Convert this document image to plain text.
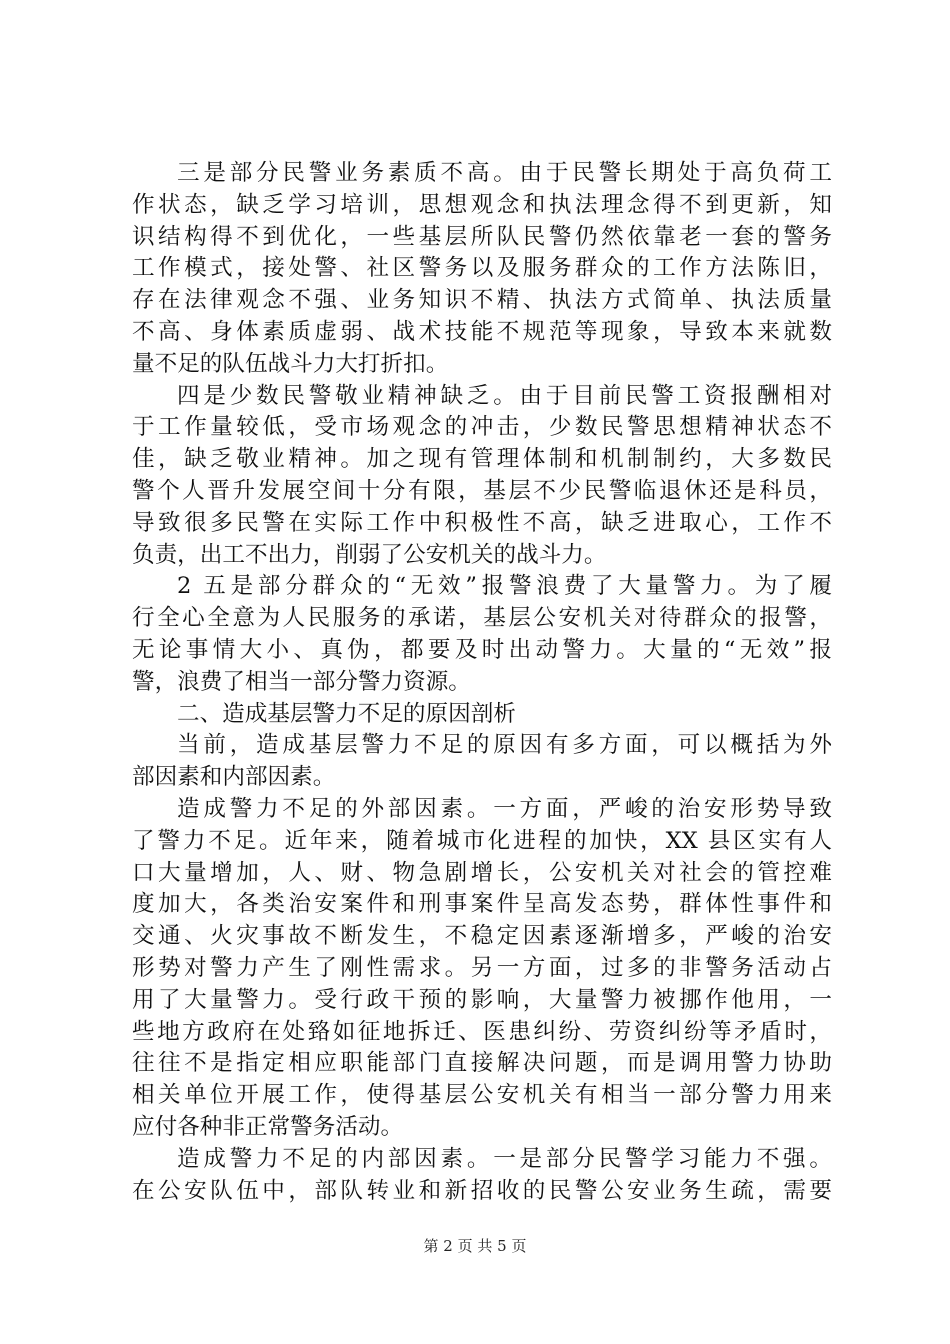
三是部分民警业务素质不高。由于民警长期处于高负荷工
作状态，缺乏学习培训，思想观念和执法理念得不到更新，知
识结构得不到优化，一些基层所队民警仍然依靠老一套的警务
工作模式，接处警、社区警务以及服务群众的工作方法陈旧，
存在法律观念不强、业务知识不精、执法方式简单、执法质量
不高、身体素质虚弱、战术技能不规范等现象，导致本来就数
量不足的队伍战斗力大打折扣。
四是少数民警敬业精神缺乏。由于目前民警工资报酬相对
于工作量较低，受市场观念的冲击，少数民警思想精神状态不
佳，缺乏敬业精神。加之现有管理体制和机制制约，大多数民
警个人晋升发展空间十分有限，基层不少民警临退休还是科员，
导致很多民警在实际工作中积极性不高，缺乏进取心，工作不
负责，出工不出力，削弱了公安机关的战斗力。
2 五是部分群众的“无效”报警浪费了大量警力。为了履
行全心全意为人民服务的承诺，基层公安机关对待群众的报警，
无论事情大小、真伪，都要及时出动警力。大量的“无效”报
警，浪费了相当一部分警力资源。
二、造成基层警力不足的原因剖析
当前，造成基层警力不足的原因有多方面，可以概括为外
部因素和内部因素。
造成警力不足的外部因素。一方面，严峻的治安形势导致
了警力不足。近年来，随着城市化进程的加快，XX 县区实有人
口大量增加，人、财、物急剧增长，公安机关对社会的管控难
度加大，各类治安案件和刑事案件呈高发态势，群体性事件和
交通、火灾事故不断发生，不稳定因素逐渐增多，严峻的治安
形势对警力产生了刚性需求。另一方面，过多的非警务活动占
用了大量警力。受行政干预的影响，大量警力被挪作他用，一
些地方政府在处臵如征地拆迁、医患纠纷、劳资纠纷等矛盾时，
往往不是指定相应职能部门直接解决问题，而是调用警力协助
相关单位开展工作，使得基层公安机关有相当一部分警力用来
应付各种非正常警务活动。
造成警力不足的内部因素。一是部分民警学习能力不强。
在公安队伍中，部队转业和新招收的民警公安业务生疏，需要
第 2 页 共 5 页
